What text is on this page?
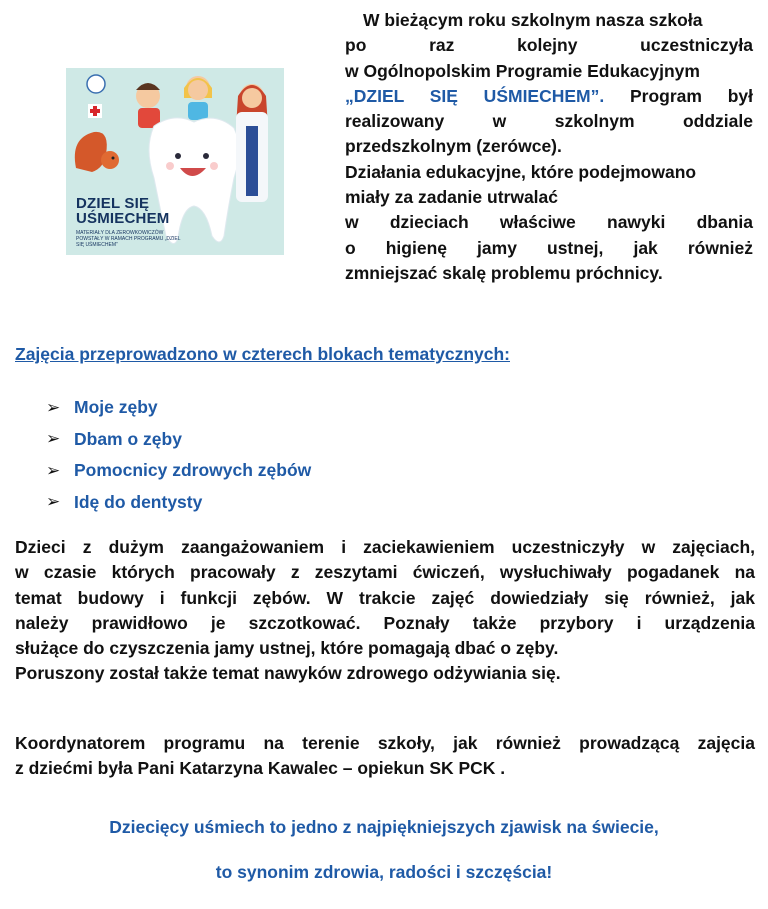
DZIEL SIĘ
UŚMIECHEM
MATERIAŁY DLA ZEROWKOWICZÓW POWSTAŁY W RAMACH PROGRAMU „DZIEL SIĘ UŚMIECHEM”
W bieżącym roku szkolnym nasza szkoła
po raz kolejny uczestniczyła
w Ogólnopolskim Programie Edukacyjnym
„DZIEL SIĘ UŚMIECHEM”. Program był
realizowany w szkolnym oddziale
przedszkolnym (zerówce).
Działania edukacyjne, które podejmowano
miały za zadanie utrwalać
w dzieciach właściwe nawyki dbania
o higienę jamy ustnej, jak również
zmniejszać skalę problemu próchnicy.
Zajęcia przeprowadzono w czterech blokach tematycznych:
➢ Moje zęby
➢ Dbam o zęby
➢ Pomocnicy zdrowych zębów
➢ Idę do dentysty
Dzieci z dużym zaangażowaniem i zaciekawieniem uczestniczyły w zajęciach,
w czasie których pracowały z zeszytami ćwiczeń, wysłuchiwały pogadanek na
temat budowy i funkcji zębów. W trakcie zajęć dowiedziały się również, jak
należy prawidłowo je szczotkować. Poznały także przybory i urządzenia
służące do czyszczenia jamy ustnej, które pomagają dbać o zęby.
Poruszony został także temat nawyków zdrowego odżywiania się.
Koordynatorem programu na terenie szkoły, jak również prowadzącą zajęcia
z dziećmi była Pani Katarzyna Kawalec – opiekun SK PCK .
Dziecięcy uśmiech to jedno z najpiękniejszych zjawisk na świecie,
to synonim zdrowia, radości i szczęścia!
